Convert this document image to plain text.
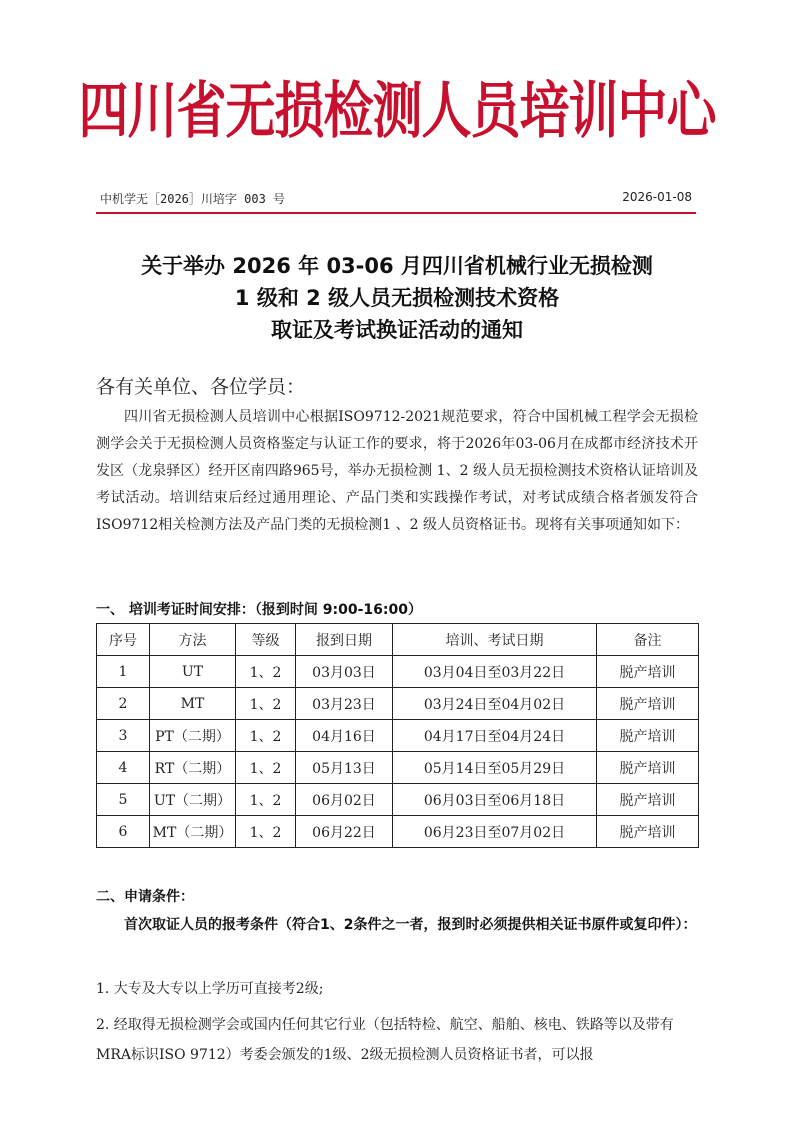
四川省无损检测人员培训中心
中机学无［2026］川培字 003 号	2026-01-08
关于举办 2026 年 03-06 月四川省机械行业无损检测
1 级和 2 级人员无损检测技术资格
取证及考试换证活动的通知
各有关单位、各位学员：
四川省无损检测人员培训中心根据ISO9712-2021规范要求，符合中国机械工程学会无损检测学会关于无损检测人员资格鉴定与认证工作的要求，将于2026年03-06月在成都市经济技术开发区（龙泉驿区）经开区南四路965号，举办无损检测 1、2 级人员无损检测技术资格认证培训及考试活动。培训结束后经过通用理论、产品门类和实践操作考试，对考试成绩合格者颁发符合ISO9712相关检测方法及产品门类的无损检测1 、2 级人员资格证书。现将有关事项通知如下：
一、 培训考证时间安排：（报到时间 9:00-16:00）
序号	方法	等级	报到日期	培训、考试日期	备注
1	UT	1、2	03月03日	03月04日至03月22日	脱产培训
2	MT	1、2	03月23日	03月24日至04月02日	脱产培训
3	PT（二期）	1、2	04月16日	04月17日至04月24日	脱产培训
4	RT（二期）	1、2	05月13日	05月14日至05月29日	脱产培训
5	UT（二期）	1、2	06月02日	06月03日至06月18日	脱产培训
6	MT（二期）	1、2	06月22日	06月23日至07月02日	脱产培训
二、申请条件：
首次取证人员的报考条件（符合1、2条件之一者，报到时必须提供相关证书原件或复印件）：
1. 大专及大专以上学历可直接考2级;
2. 经取得无损检测学会或国内任何其它行业（包括特检、航空、船舶、核电、铁路等以及带有MRA标识ISO 9712）考委会颁发的1级、2级无损检测人员资格证书者，可以报
